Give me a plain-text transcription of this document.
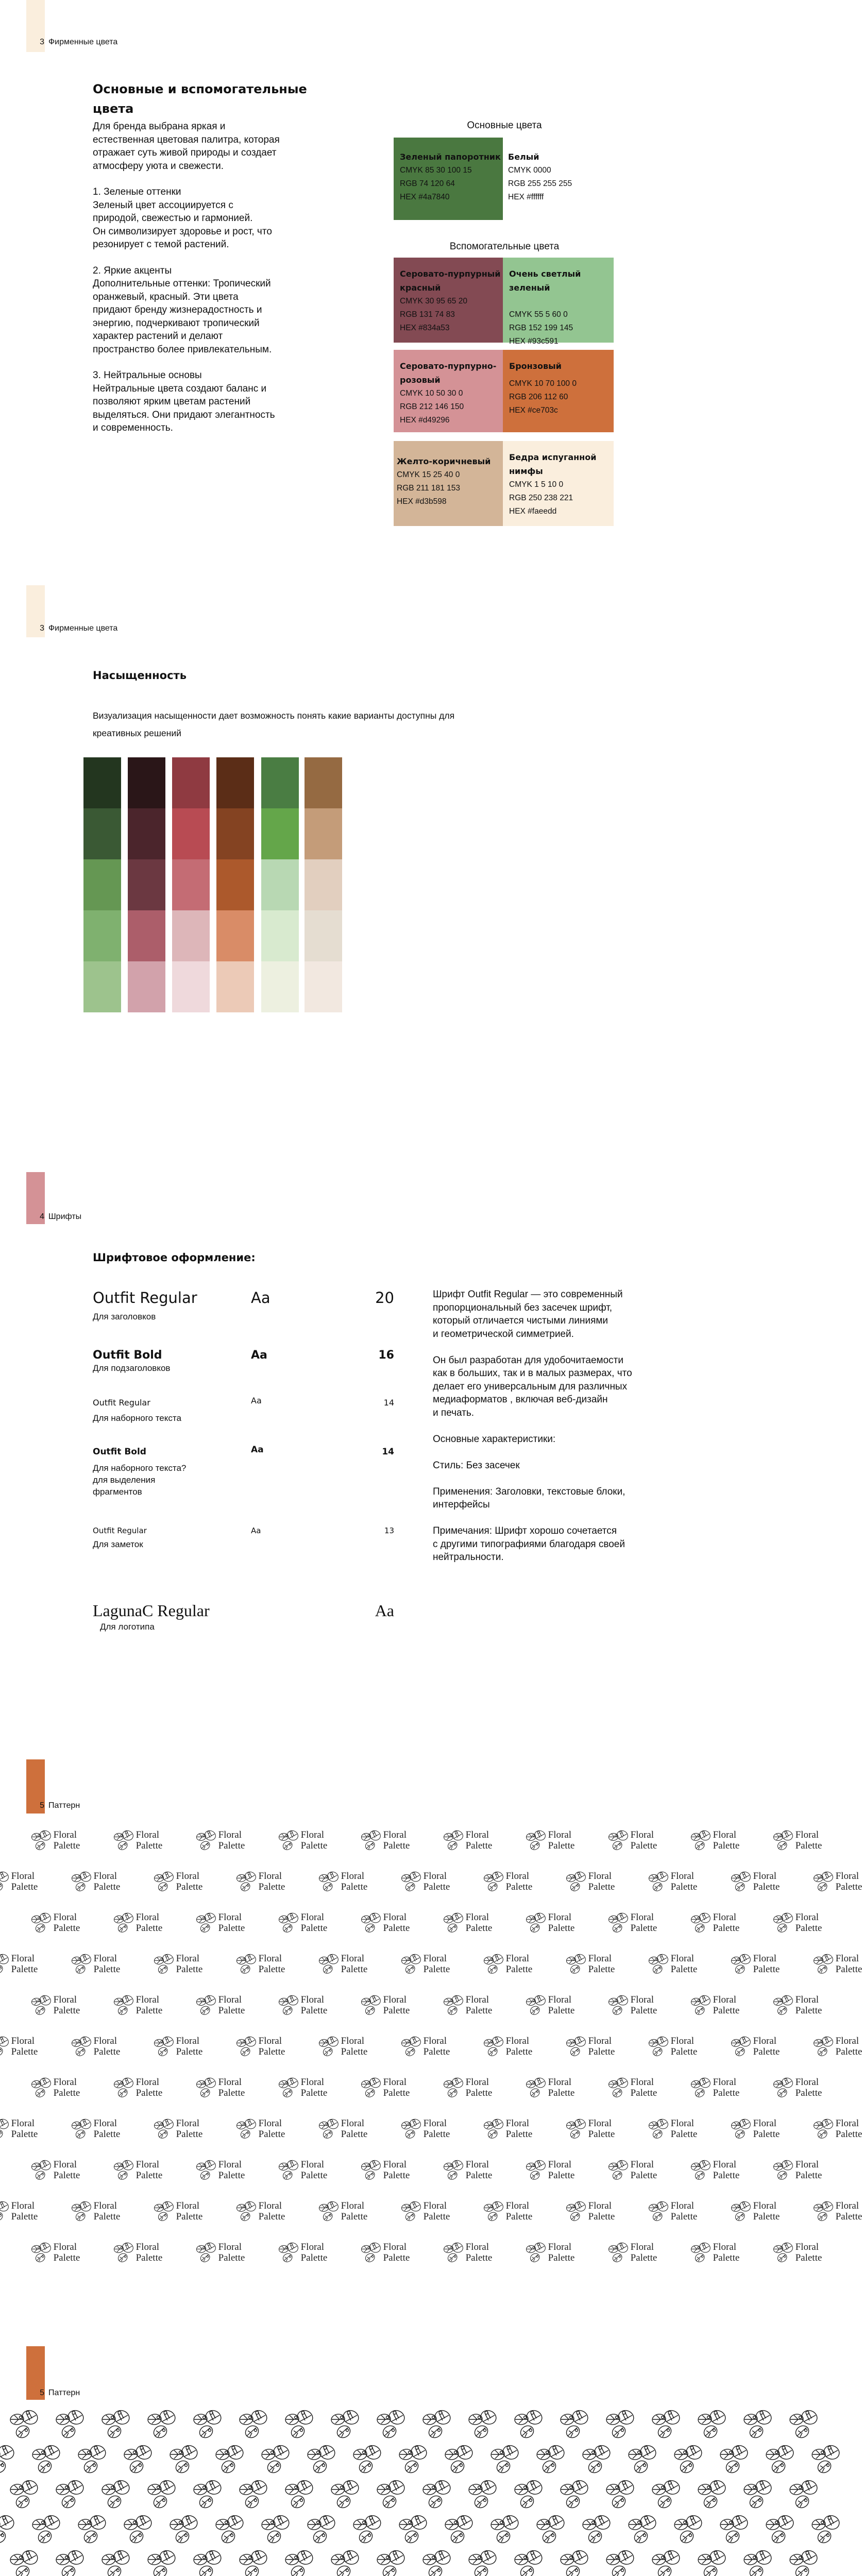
3 Фирменные цвета
Основные и вспомогательные
цвета

Для бренда выбрана яркая и
естественная цветовая палитра, которая
отражает суть живой природы и создает
атмосферу уюта и свежести.

1. Зеленые оттенки
Зеленый цвет ассоциируется с
природой, свежестью и гармонией.
Он символизирует здоровье и рост, что
резонирует с темой растений.

2. Яркие акценты
Дополнительные оттенки: Тропический
оранжевый, красный. Эти цвета
придают бренду жизнерадостность и
энергию, подчеркивают тропический
характер растений и делают
пространство более привлекательным.

3. Нейтральные основы
Нейтральные цвета создают баланс и
позволяют ярким цветам растений
выделяться. Они придают элегантность
и современность.

Основные цвета
Зеленый папоротник
CMYK 85 30 100 15
RGB 74 120 64
HEX #4a7840
Белый
CMYK 0000
RGB 255 255 255
HEX #ffffff
Вспомогательные цвета
Серовато-пурпурный красный
CMYK 30 95 65 20
RGB 131 74 83
HEX #834a53
Очень светлый зеленый
CMYK 55 5 60 0
RGB 152 199 145
HEX #93c591
Серовато-пурпурно-розовый
CMYK 10 50 30 0
RGB 212 146 150
HEX #d49296
Бронзовый
CMYK 10 70 100 0
RGB 206 112 60
HEX #ce703c
Желто-коричневый
CMYK 15 25 40 0
RGB 211 181 153
HEX #d3b598
Бедра испуганной нимфы
CMYK 1 5 10 0
RGB 250 238 221
HEX #faeedd
3 Фирменные цвета
Насыщенность
Визуализация насыщенности дает возможность понять какие варианты доступны для
креативных решений
4 Шрифты
Шрифтовое оформление:
Outfit Regular	Aa	20
Для заголовков
Outfit Bold	Aa	16
Для подзаголовков
Outfit Regular	Aa	14
Для наборного текста
Outfit Bold	Aa	14
Для наборного текста?
для выделения
фрагментов
Outfit Regular	Aa	13
Для заметок
LagunaC Regular	Aa
Для логотипа

Шрифт Outfit Regular — это современный
пропорциональный без засечек шрифт,
который отличается чистыми линиями
и геометрической симметрией.

Он был разработан для удобочитаемости
как в больших, так и в малых размерах, что
делает его универсальным для различных
медиаформатов , включая веб-дизайн
и печать.

Основные характеристики:

Стиль: Без засечек

Применения: Заголовки, текстовые блоки,
интерфейсы

Примечания: Шрифт хорошо сочетается
с другими типографиями благодаря своей
нейтральности.

5 Паттерн
Floral
Palette
Floral
Palette
Floral
Palette
Floral
Palette
Floral
Palette
Floral
Palette
Floral
Palette
Floral
Palette
Floral
Palette
Floral
Palette
Floral
Palette
Floral
Palette
Floral
Palette
Floral
Palette
Floral
Palette
Floral
Palette
Floral
Palette
Floral
Palette
Floral
Palette
Floral
Palette
Floral
Palette
Floral
Palette
Floral
Palette
Floral
Palette
Floral
Palette
Floral
Palette
Floral
Palette
Floral
Palette
Floral
Palette
Floral
Palette
Floral
Palette
Floral
Palette
Floral
Palette
Floral
Palette
Floral
Palette
Floral
Palette
Floral
Palette
Floral
Palette
Floral
Palette
Floral
Palette
Floral
Palette
Floral
Palette
Floral
Palette
Floral
Palette
Floral
Palette
Floral
Palette
Floral
Palette
Floral
Palette
Floral
Palette
Floral
Palette
Floral
Palette
Floral
Palette
Floral
Palette
Floral
Palette
Floral
Palette
Floral
Palette
Floral
Palette
Floral
Palette
Floral
Palette
Floral
Palette
Floral
Palette
Floral
Palette
Floral
Palette
Floral
Palette
Floral
Palette
Floral
Palette
Floral
Palette
Floral
Palette
Floral
Palette
Floral
Palette
Floral
Palette
Floral
Palette
Floral
Palette
Floral
Palette
Floral
Palette
Floral
Palette
Floral
Palette
Floral
Palette
Floral
Palette
Floral
Palette
Floral
Palette
Floral
Palette
Floral
Palette
Floral
Palette
Floral
Palette
Floral
Palette
Floral
Palette
Floral
Palette
Floral
Palette
Floral
Palette
Floral
Palette
Floral
Palette
Floral
Palette
Floral
Palette
Floral
Palette
Floral
Palette
Floral
Palette
Floral
Palette
Floral
Palette
Floral
Palette
Floral
Palette
Floral
Palette
Floral
Palette
Floral
Palette
Floral
Palette
Floral
Palette
Floral
Palette
Floral
Palette
Floral
Palette
Floral
Palette
Floral
Palette
Floral
Palette
Floral
Palette
Floral
Palette
Floral
Palette
5 Паттерн
